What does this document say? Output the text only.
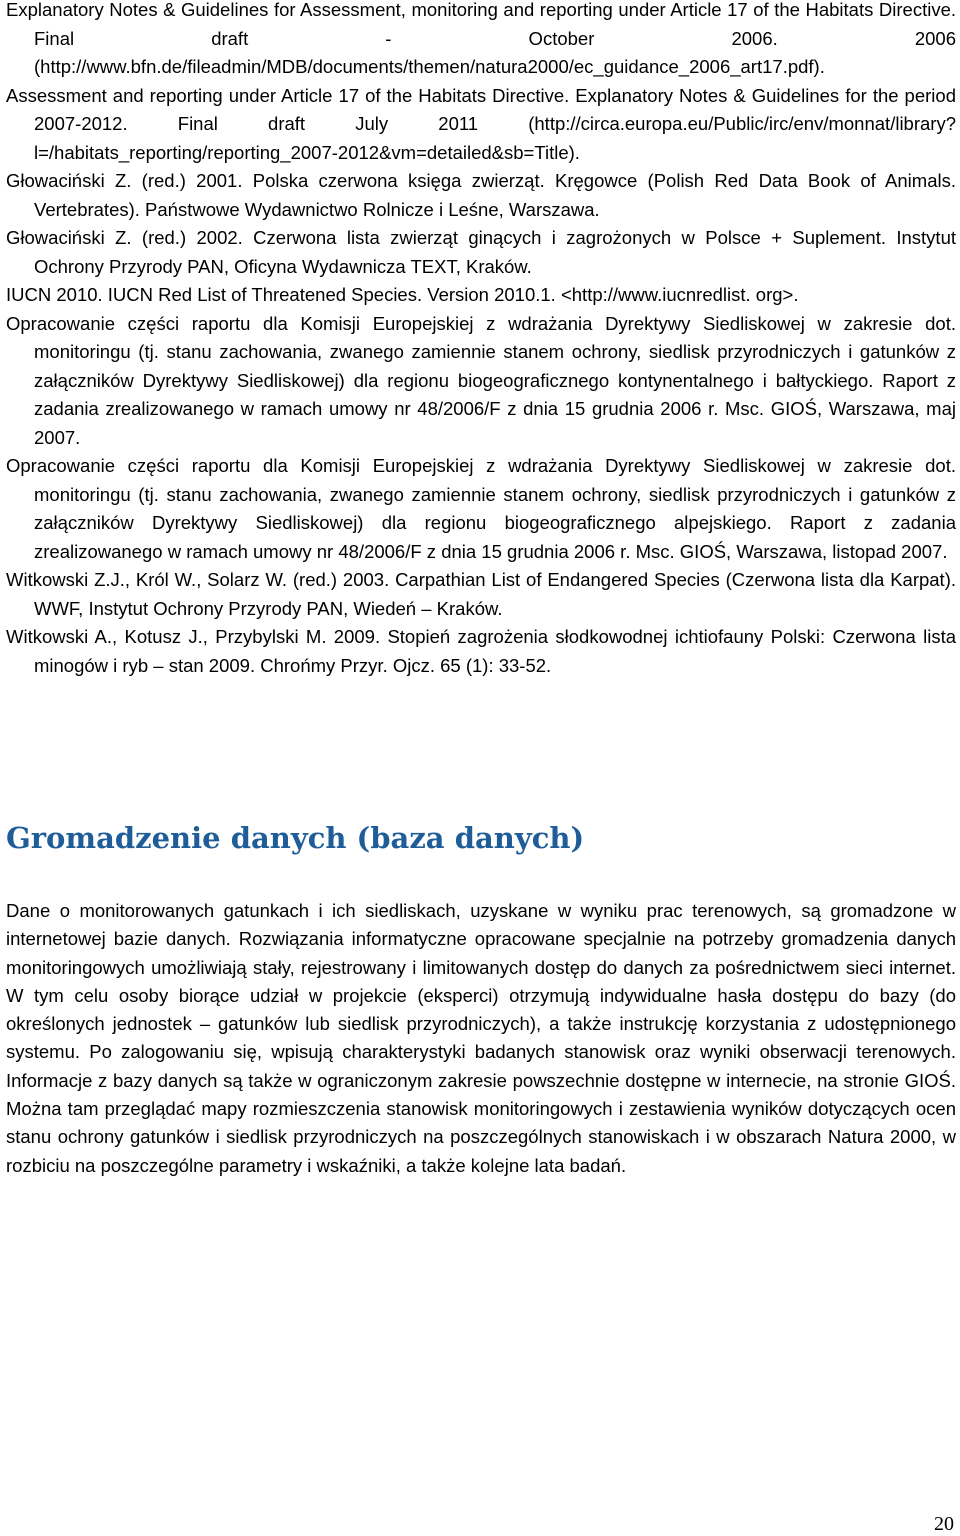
Explanatory Notes & Guidelines for Assessment, monitoring and reporting under Article 17 of the Habitats Directive. Final draft - October 2006. 2006 (http://www.bfn.de/fileadmin/MDB/documents/themen/natura2000/ec_guidance_2006_art17.pdf).

Assessment and reporting under Article 17 of the Habitats Directive. Explanatory Notes & Guidelines for the period 2007-2012. Final draft July 2011 (http://circa.europa.eu/Public/irc/env/monnat/library?l=/habitats_reporting/reporting_2007-2012&vm=detailed&sb=Title).

Głowaciński Z. (red.) 2001. Polska czerwona księga zwierząt. Kręgowce (Polish Red Data Book of Animals. Vertebrates). Państwowe Wydawnictwo Rolnicze i Leśne, Warszawa.

Głowaciński Z. (red.) 2002. Czerwona lista zwierząt ginących i zagrożonych w Polsce + Suplement. Instytut Ochrony Przyrody PAN, Oficyna Wydawnicza TEXT, Kraków.

IUCN 2010. IUCN Red List of Threatened Species. Version 2010.1. <http://www.iucnredlist. org>.

Opracowanie części raportu dla Komisji Europejskiej z wdrażania Dyrektywy Siedliskowej w zakresie dot. monitoringu (tj. stanu zachowania, zwanego zamiennie stanem ochrony, siedlisk przyrodniczych i gatunków z załączników Dyrektywy Siedliskowej) dla regionu biogeograficznego kontynentalnego i bałtyckiego. Raport z zadania zrealizowanego w ramach umowy nr 48/2006/F z dnia 15 grudnia 2006 r. Msc. GIOŚ, Warszawa, maj 2007.

Opracowanie części raportu dla Komisji Europejskiej z wdrażania Dyrektywy Siedliskowej w zakresie dot. monitoringu (tj. stanu zachowania, zwanego zamiennie stanem ochrony, siedlisk przyrodniczych i gatunków z załączników Dyrektywy Siedliskowej) dla regionu biogeograficznego alpejskiego. Raport z zadania zrealizowanego w ramach umowy nr 48/2006/F z dnia 15 grudnia 2006 r. Msc. GIOŚ, Warszawa, listopad 2007.

Witkowski Z.J., Król W., Solarz W. (red.) 2003. Carpathian List of Endangered Species (Czerwona lista dla Karpat). WWF, Instytut Ochrony Przyrody PAN, Wiedeń – Kraków.

Witkowski A., Kotusz J., Przybylski M. 2009. Stopień zagrożenia słodkowodnej ichtiofauny Polski: Czerwona lista minogów i ryb – stan 2009. Chrońmy Przyr. Ojcz. 65 (1): 33-52.

Gromadzenie danych (baza danych)

Dane o monitorowanych gatunkach i ich siedliskach, uzyskane w wyniku prac terenowych, są gromadzone w internetowej bazie danych. Rozwiązania informatyczne opracowane specjalnie na potrzeby gromadzenia danych monitoringowych umożliwiają stały, rejestrowany i limitowanych dostęp do danych za pośrednictwem sieci internet. W tym celu osoby biorące udział w projekcie (eksperci) otrzymują indywidualne hasła dostępu do bazy (do określonych jednostek – gatunków lub siedlisk przyrodniczych), a także instrukcję korzystania z udostępnionego systemu. Po zalogowaniu się, wpisują charakterystyki badanych stanowisk oraz wyniki obserwacji terenowych. Informacje z bazy danych są także w ograniczonym zakresie powszechnie dostępne w internecie, na stronie GIOŚ. Można tam przeglądać mapy rozmieszczenia stanowisk monitoringowych i zestawienia wyników dotyczących ocen stanu ochrony gatunków i siedlisk przyrodniczych na poszczególnych stanowiskach i w obszarach Natura 2000, w rozbiciu na poszczególne parametry i wskaźniki, a także kolejne lata badań.

20
